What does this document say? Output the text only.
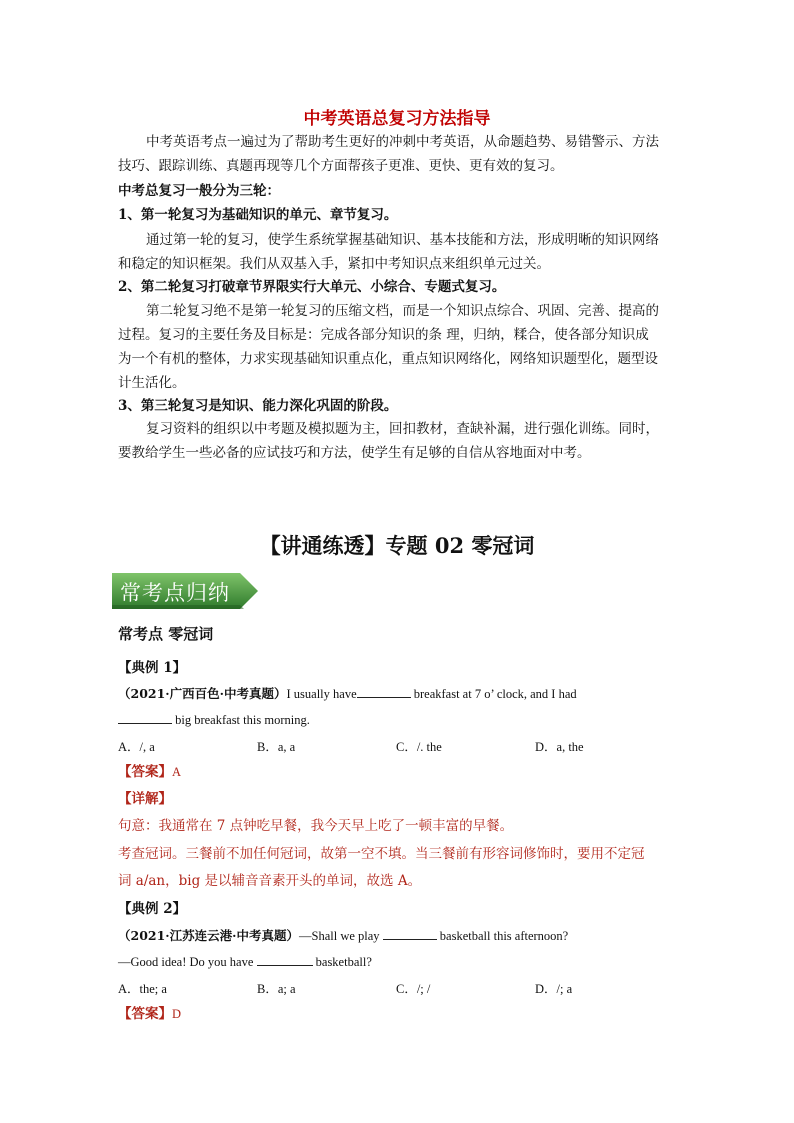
中考英语总复习方法指导
中考英语考点一遍过为了帮助考生更好的冲刺中考英语，从命题趋势、易错警示、方法
技巧、跟踪训练、真题再现等几个方面帮孩子更准、更快、更有效的复习。
中考总复习一般分为三轮：
1、第一轮复习为基础知识的单元、章节复习。
通过第一轮的复习，使学生系统掌握基础知识、基本技能和方法，形成明晰的知识网络
和稳定的知识框架。我们从双基入手，紧扣中考知识点来组织单元过关。
2、第二轮复习打破章节界限实行大单元、小综合、专题式复习。
第二轮复习绝不是第一轮复习的压缩文档，而是一个知识点综合、巩固、完善、提高的
过程。复习的主要任务及目标是：完成各部分知识的条 理，归纳，糅合，使各部分知识成
为一个有机的整体，力求实现基础知识重点化，重点知识网络化，网络知识题型化，题型设
计生活化。
3、第三轮复习是知识、能力深化巩固的阶段。
复习资料的组织以中考题及模拟题为主，回扣教材，查缺补漏，进行强化训练。同时，
要教给学生一些必备的应试技巧和方法，使学生有足够的自信从容地面对中考。
【讲通练透】专题 02 零冠词
常考点归纳
常考点 零冠词
【典例 1】
（2021·广西百色·中考真题）I usually have	breakfast at 7 o’ clock, and I had
big breakfast this morning.
A．/, a	B．a, a	C．/. the	D．a, the
【答案】A
【详解】
句意：我通常在 7 点钟吃早餐，我今天早上吃了一顿丰富的早餐。
考查冠词。三餐前不加任何冠词，故第一空不填。当三餐前有形容词修饰时，要用不定冠
词 a/an，big 是以辅音音素开头的单词，故选 A。
【典例 2】
（2021·江苏连云港·中考真题）—Shall we play	basketball this afternoon?
—Good idea! Do you have	basketball?
A．the; a	B．a; a	C．/; /	D．/; a
【答案】D
